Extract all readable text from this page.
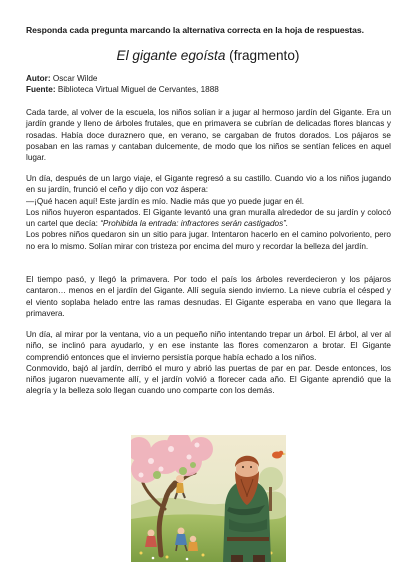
Responda cada pregunta marcando la alternativa correcta en la hoja de respuestas.
El gigante egoísta (fragmento)
Autor: Oscar Wilde
Fuente: Biblioteca Virtual Miguel de Cervantes, 1888

Cada tarde, al volver de la escuela, los niños solían ir a jugar al hermoso jardín del Gigante. Era un jardín grande y lleno de árboles frutales, que en primavera se cubrían de delicadas flores blancas y rosadas. Había doce duraznero que, en verano, se cargaban de frutos dorados. Los pájaros se posaban en las ramas y cantaban dulcemente, de modo que los niños se sentían felices en aquel lugar.

Un día, después de un largo viaje, el Gigante regresó a su castillo. Cuando vio a los niños jugando en su jardín, frunció el ceño y dijo con voz áspera:

—¡Qué hacen aquí! Este jardín es mío. Nadie más que yo puede jugar en él.

Los niños huyeron espantados. El Gigante levantó una gran muralla alrededor de su jardín y colocó un cartel que decía: “Prohibida la entrada: infractores serán castigados”.

Los pobres niños quedaron sin un sitio para jugar. Intentaron hacerlo en el camino polvoriento, pero no era lo mismo. Solían mirar con tristeza por encima del muro y recordar la belleza del jardín.

El tiempo pasó, y llegó la primavera. Por todo el país los árboles reverdecieron y los pájaros cantaron… menos en el jardín del Gigante. Allí seguía siendo invierno. La nieve cubría el césped y el viento soplaba helado entre las ramas desnudas. El Gigante esperaba en vano que llegara la primavera.

Un día, al mirar por la ventana, vio a un pequeño niño intentando trepar un árbol. El árbol, al ver al niño, se inclinó para ayudarlo, y en ese instante las flores comenzaron a brotar. El Gigante comprendió entonces que el invierno persistía porque había echado a los niños.

Conmovido, bajó al jardín, derribó el muro y abrió las puertas de par en par. Desde entonces, los niños jugaron nuevamente allí, y el jardín volvió a florecer cada año. El Gigante aprendió que la alegría y la belleza solo llegan cuando uno comparte con los demás.
